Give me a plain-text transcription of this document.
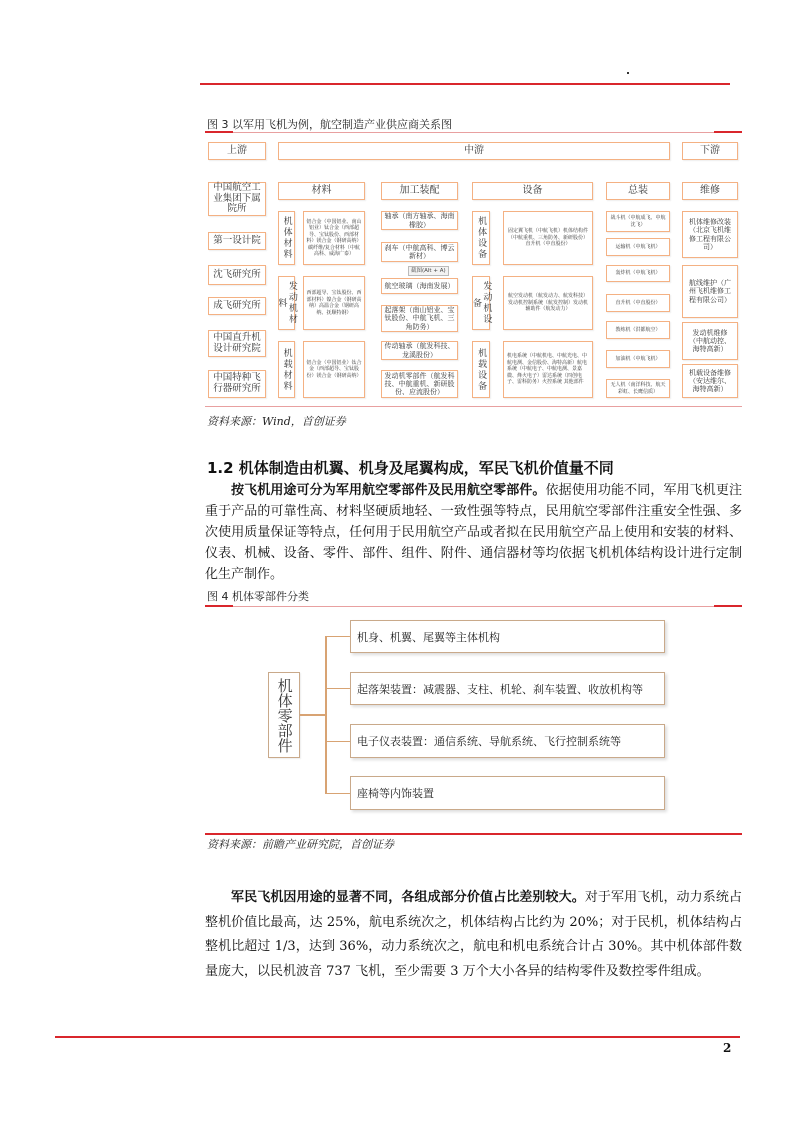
图 3 以军用飞机为例，航空制造产业供应商关系图
上游	中游	下游
中国航空工业集团下属院所
第一设计院
沈飞研究所
成飞研究所
中国直升机设计研究院
中国特种飞行器研究所
材料	加工装配	设备	总装	维修
机体材料	铝合金（中国铝业、南山铝业）钛合金（西部超导、宝钛股份、西部材料）镁合金（钢研高纳）碳纤维/复合材料（中航高科、威海广泰）
发动机材料
西部超导、宝钛股份、西部材料）镍合金（钢研高纳）高温合金（钢研高纳、抚顺特钢）
机载材料	铝合金（中国铝业）钛合金（西部超导、宝钛股份）镁合金（钢研高纳）
轴承（南方轴承、海南橡胶）
刹车（中航高科、博云新材）
航空玻璃（海南发展）
起落架（南山铝业、宝钛股份、中航飞机、三角防务）
传动轴承（航发科技、龙溪股份）
发动机零部件（航发科技、中航重机、新研股份、应流股份）
截图(Alt + A)
机体设备	固定翼飞机（中航飞机）机体结构件（中航重机、三角防务、新研股份）直升机（中直股份）
发动机设备
航空发动机（航发动力、航发科技）发动机控制系统（航发控制）发动机辅助件（航发动力）
机载设备	机电系统（中航机电、中航光电、中航电测、金信股份、海特高新）航电系统（中航电子、中航电测、景嘉微、烽火电子）雷达系统（四创电子、雷科防务）火控系统 其他部件
战斗机（中航成飞、中航沈飞）
运输机（中航飞机）
轰炸机（中航飞机）
直升机（中直股份）
教练机（洪都航空）
加油机（中航飞机）
无人机（南洋科技、航天彩虹、长鹰信质）
机体维修改装（北京飞机维修工程有限公司）
航线维护（广州飞机维修工程有限公司）
发动机维修（中航动控、海特高新）
机载设备维修（安达维尔、海特高新）
资料来源：Wind，首创证券
1.2 机体制造由机翼、机身及尾翼构成，军民飞机价值量不同
按飞机用途可分为军用航空零部件及民用航空零部件。依据使用功能不同，军用飞机更注重于产品的可靠性高、材料坚硬质地轻、一致性强等特点，民用航空零部件注重安全性强、多次使用质量保证等特点，任何用于民用航空产品或者拟在民用航空产品上使用和安装的材料、仪表、机械、设备、零件、部件、组件、附件、通信器材等均依据飞机机体结构设计进行定制化生产制作。
图 4 机体零部件分类
机体零部件
机身、机翼、尾翼等主体机构
起落架装置：减震器、支柱、机轮、刹车装置、收放机构等
电子仪表装置：通信系统、导航系统、飞行控制系统等
座椅等内饰装置
资料来源：前瞻产业研究院，首创证券
军民飞机因用途的显著不同，各组成部分价值占比差别较大。对于军用飞机，动力系统占整机价值比最高，达 25%，航电系统次之，机体结构占比约为 20%；对于民机，机体结构占整机比超过 1/3，达到 36%，动力系统次之，航电和机电系统合计占 30%。其中机体部件数量庞大，以民机波音 737 飞机，至少需要 3 万个大小各异的结构零件及数控零件组成。
2
